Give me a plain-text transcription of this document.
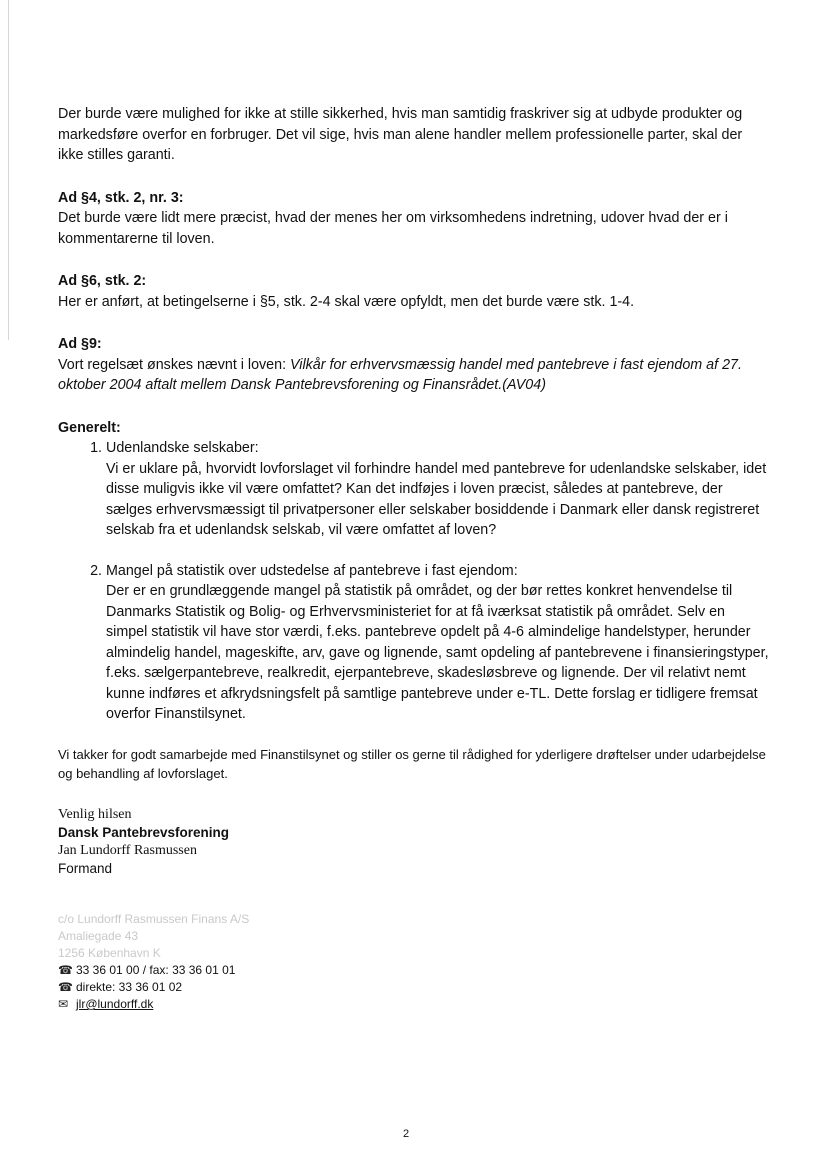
Der burde være mulighed for ikke at stille sikkerhed, hvis man samtidig fraskriver sig at udbyde produkter og markedsføre overfor en forbruger. Det vil sige, hvis man alene handler mellem professionelle parter, skal der ikke stilles garanti.

Ad §4, stk. 2, nr. 3:

Det burde være lidt mere præcist, hvad der menes her om virksomhedens indretning, udover hvad der er i kommentarerne til loven.

Ad §6, stk. 2:

Her er anført, at betingelserne i §5, stk. 2-4 skal være opfyldt, men det burde være stk. 1-4.

Ad §9:

Vort regelsæt ønskes nævnt i loven: Vilkår for erhvervsmæssig handel med pantebreve i fast ejendom af 27. oktober 2004 aftalt mellem Dansk Pantebrevsforening og Finansrådet.(AV04)

Generelt:

1. Udenlandske selskaber:
Vi er uklare på, hvorvidt lovforslaget vil forhindre handel med pantebreve for udenlandske selskaber, idet disse muligvis ikke vil være omfattet? Kan det indføjes i loven præcist, således at pantebreve, der sælges erhvervsmæssigt til privatpersoner eller selskaber bosiddende i Danmark eller dansk registreret selskab fra et udenlandsk selskab, vil være omfattet af loven?
2. Mangel på statistik over udstedelse af pantebreve i fast ejendom:
Der er en grundlæggende mangel på statistik på området, og der bør rettes konkret henvendelse til Danmarks Statistik og Bolig- og Erhvervsministeriet for at få iværksat statistik på området. Selv en simpel statistik vil have stor værdi, f.eks. pantebreve opdelt på 4-6 almindelige handelstyper, herunder almindelig handel, mageskifte, arv, gave og lignende, samt opdeling af pantebrevene i finansieringstyper, f.eks. sælgerpantebreve, realkredit, ejerpantebreve, skadesløsbreve og lignende. Der vil relativt nemt kunne indføres et afkrydsningsfelt på samtlige pantebreve under e-TL. Dette forslag er tidligere fremsat overfor Finanstilsynet.

Vi takker for godt samarbejde med Finanstilsynet og stiller os gerne til rådighed for yderligere drøftelser under udarbejdelse og behandling af lovforslaget.

Venlig hilsen
Dansk Pantebrevsforening
Jan Lundorff Rasmussen
Formand
c/o Lundorff Rasmussen Finans A/S
Amaliegade 43
1256 København K
☎ 33 36 01 00 / fax: 33 36 01 01
☎ direkte: 33 36 01 02
✉ jlr@lundorff.dk
2
